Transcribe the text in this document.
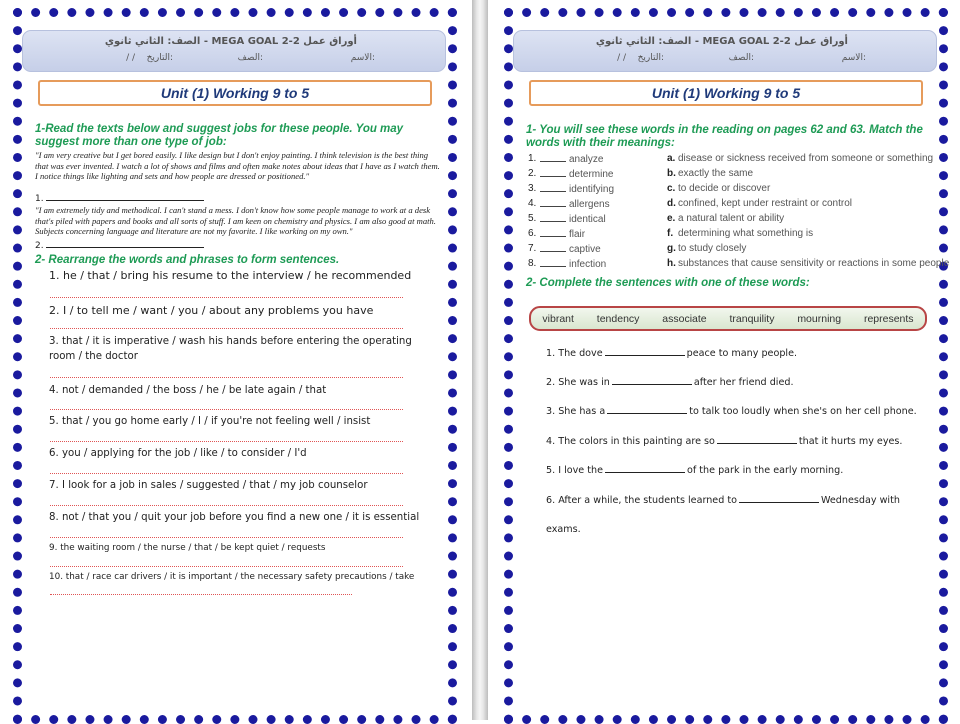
أوراق عمل MEGA GOAL 2-2 - الصف: الثاني ثانوي
الاسم:
الصف:
التاريخ:
/ /
Unit (1) Working 9 to 5
1-Read the texts below and suggest jobs for these people. You may suggest more than one type of job:
"I am very creative but I get bored easily. I like design but I don't enjoy painting. I think television is the best thing that was ever invented. I watch a lot of shows and films and often make notes about ideas that I have as I watch them. I notice things like lighting and sets and how people are dressed or positioned."
1.
"I am extremely tidy and methodical. I can't stand a mess. I don't know how some people manage to work at a desk that's piled with papers and books and all sorts of stuff. I am keen on chemistry and physics. I am also good at math. Subjects concerning language and literature are not my favorite. I like working on my own."
2.
2- Rearrange the words and phrases to form sentences.
1. he / that / bring his resume to the interview / he recommended
2. I / to tell me / want / you / about any problems you have
3. that / it is imperative / wash his hands before entering the operating room / the doctor
4. not / demanded / the boss / he / be late again / that
5. that / you go home early / I / if you're not feeling well / insist
6. you / applying for the job / like / to consider / I'd
7. I look for a job in sales / suggested / that / my job counselor
8. not / that you / quit your job before you find a new one / it is essential
9. the waiting room / the nurse / that / be kept quiet / requests
10. that / race car drivers / it is important / the necessary safety precautions / take
أوراق عمل MEGA GOAL 2-2 - الصف: الثاني ثانوي
الاسم:
الصف:
التاريخ:
/ /
Unit (1) Working 9 to 5
1- You will see these words in the reading on pages 62 and 63. Match the words with their meanings:
1.	analyze	a. disease or sickness received from someone or something
2.	determine	b. exactly the same
3.	identifying	c. to decide or discover
4.	allergens	d. confined, kept under restraint or control
5.	identical	e. a natural talent or ability
6.	flair	f. determining what something is
7.	captive	g. to study closely
8.	infection	h. substances that cause sensitivity or reactions in some people
2- Complete the sentences with one of these words:
vibrant tendency associate tranquility mourning represents
1. The dove	peace to many people.
2. She was in	after her friend died.
3. She has a	to talk too loudly when she's on her cell phone.
4. The colors in this painting are so	that it hurts my eyes.
5. I love the	of the park in the early morning.
6. After a while, the students learned to	Wednesday with
exams.
